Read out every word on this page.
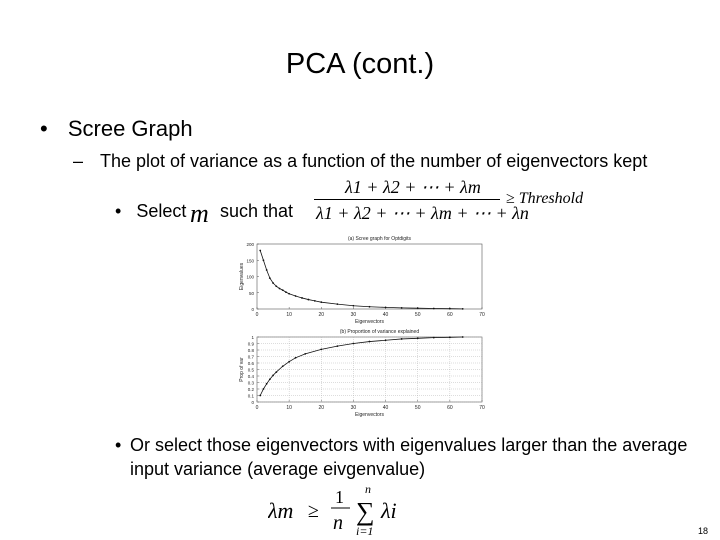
PCA (cont.)
• Scree Graph
– The plot of variance as a function of the number of eigenvectors kept
• Select m such that
λ1 + λ2 + ⋯ + λm
λ1 + λ2 + ⋯ + λm + ⋯ + λn
≥ Threshold
(a) Scree graph for Optdigits
Eigenvectors
Eigenvalues
0	10	20	30	40	50	60	70
0
50
100
150
200
(b) Proportion of variance explained
Eigenvectors
Prop of var
0	10	20	30	40	50	60	70
0
0.1
0.2
0.3
0.4
0.5
0.6
0.7
0.8
0.9
1
• Or select those eigenvectors with eigenvalues larger than the average input variance (average eivgenvalue)
λm ≥
1
n
n
∑
i=1
λi
18
